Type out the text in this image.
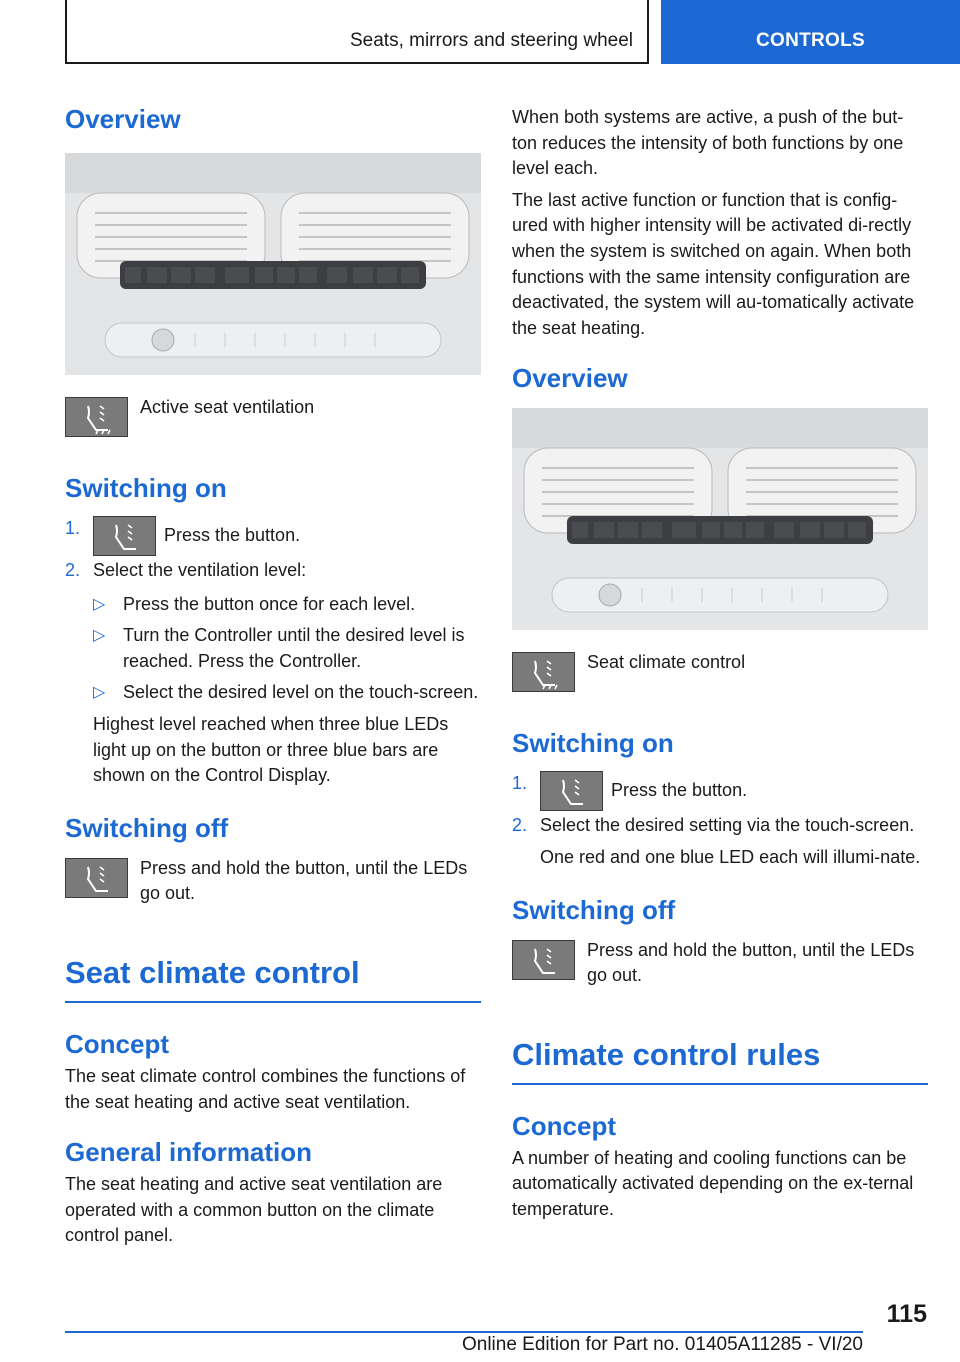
Seats, mirrors and steering wheel	CONTROLS
Overview
Active seat ventilation
Switching on
1.	Press the button.
2. Select the ventilation level:
▷ Press the button once for each level.
▷ Turn the Controller until the desired level is reached. Press the Controller.
▷ Select the desired level on the touch-screen.

Highest level reached when three blue LEDs light up on the button or three blue bars are shown on the Control Display.

Switching off
Press and hold the button, until the LEDs go out.
Seat climate control
Concept

The seat climate control combines the functions of the seat heating and active seat ventilation.

General information

The seat heating and active seat ventilation are operated with a common button on the climate control panel.

When both systems are active, a push of the but-ton reduces the intensity of both functions by one level each.

The last active function or function that is config-ured with higher intensity will be activated di-rectly when the system is switched on again. When both functions with the same intensity configuration are deactivated, the system will au-tomatically activate the seat heating.

Overview
Seat climate control
Switching on
1.	Press the button.
2. Select the desired setting via the touch-screen.

One red and one blue LED each will illumi-nate.

Switching off
Press and hold the button, until the LEDs go out.
Climate control rules
Concept

A number of heating and cooling functions can be automatically activated depending on the ex-ternal temperature.

115
Online Edition for Part no. 01405A11285 - VI/20
